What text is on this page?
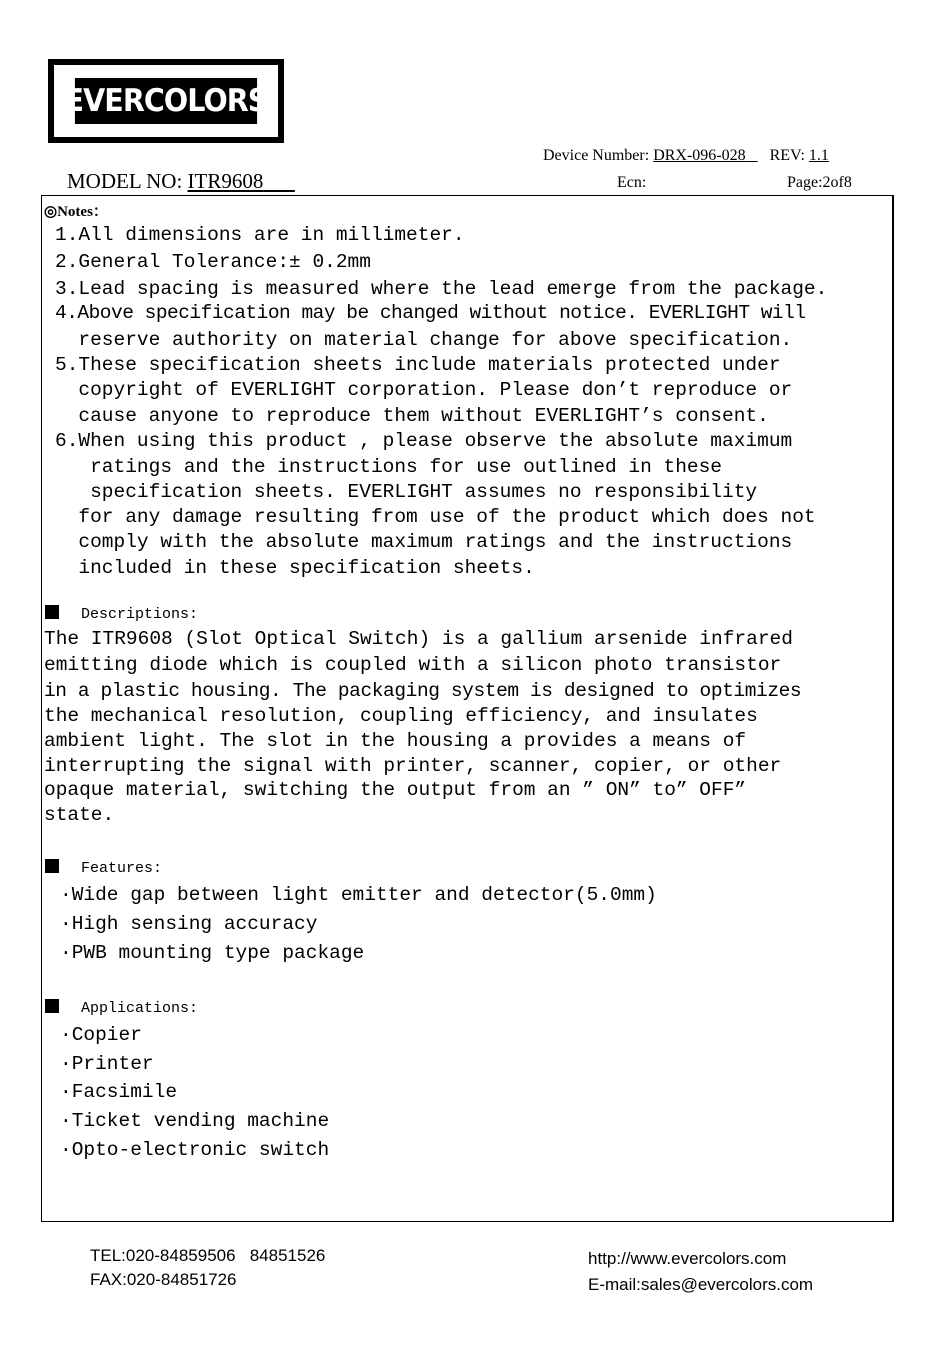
EVERCOLORS
Device Number: DRX-096-028 REV: 1.1
MODEL NO: ITR9608	Ecn:	Page:2of8
◎Notes：
1.All dimensions are in millimeter.
2.General Tolerance:± 0.2mm
3.Lead spacing is measured where the lead emerge from the package.
4.Above specification may be changed without notice. EVERLIGHT will
reserve authority on material change for above specification.
5.These specification sheets include materials protected under
copyright of EVERLIGHT corporation. Please don’t reproduce or
cause anyone to reproduce them without EVERLIGHT’s consent.
6.When using this product , please observe the absolute maximum
ratings and the instructions for use outlined in these
specification sheets. EVERLIGHT assumes no responsibility
for any damage resulting from use of the product which does not
comply with the absolute maximum ratings and the instructions
included in these specification sheets.
Descriptions:
The ITR9608 (Slot Optical Switch) is a gallium arsenide infrared
emitting diode which is coupled with a silicon photo transistor
in a plastic housing. The packaging system is designed to optimizes
the mechanical resolution, coupling efficiency, and insulates
ambient light. The slot in the housing a provides a means of
interrupting the signal with printer, scanner, copier, or other
opaque material, switching the output from an ” ON” to” OFF”
state.
Features:
·Wide gap between light emitter and detector(5.0mm)
·High sensing accuracy
·PWB mounting type package
Applications:
·Copier
·Printer
·Facsimile
·Ticket vending machine
·Opto-electronic switch
TEL:020-84859506   84851526
FAX:020-84851726
http://www.evercolors.com
E-mail:sales@evercolors.com
